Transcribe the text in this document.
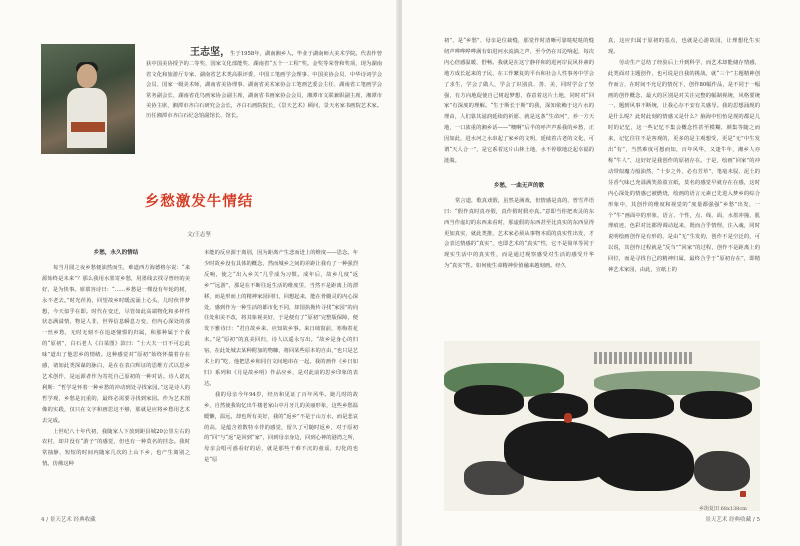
王志坚，生于1958年，湖南湘乡人。毕业于湖南师大美术学院。代表作曾获中国美协授予的二等奖、国家文化部能奖、湖南省“五个一工程”奖。金奖等荣誉和奖项，现为湖南省文化和旅游厅专家、湖南省艺术类高职评委、中国工笔画学会理事、中国美协会员、中华诗词学会会员、国家一级美术师，湖南省美协理事、湖南省美术家协会工笔画艺委会主任、湖南省工笔画学会常务副会长、湖南省花鸟画家协会副主席，湖南省书画家协会会员，湘潭市文联兼职副主席，湘潭市美协主席，湘潭市齐白石研究会会长，齐白石画院院长，《景天艺术》顾问，景天名家书画院艺术家。历任湘潭市齐白石纪念馆副馆长、馆长。
乡愁激发牛情结
文/王志坚
乡愁，永久的情结

每当月圆之夜乡愁便油然而生，难道西方海德格尔说：“来源始终是未来”？那么我用水墨寄乡愁，用墨线去找寻曾经的美好，是为快事。席慕容诗曰：“……乡愁是一棵没有年轮的树，永不老去。”时光荏苒，回望故乡时暖流涌上心头，儿时伙伴梦想，今天似乎在即。时代在变迁，尽管如此高端物化和多样性状态满溢情，物是人非，世界信息瞬息万变，但内心深处的那一丝乡愁，无时无刻不在追逐憧憬的归属，和那种属于个我的“原初”，白石老人《白菜图》款曰：“士大夫一日不可忘此味”道出了他思乡的情绪。这种感觉对“原初”始终怀揣着存在感，诸如此类深谋的脉白，是在在表白辉证的思维方式以思乡艺术创作，是运源者作为寄托自己原初的一种对话。诗人诺瓦利斯：“哲学是怀着一种乡愁的冲动到处寻找家园。”这是诗人的哲学观，乡愁是沉重的，最终必需要寻找到家园。作为艺术图像的实践，仅只在文字和画思这不够，那就是应将乡愁用艺术去完成。

上世纪八十年代初，我随家人下放到距县城20公里左右的农村，却并没有“游子”的感觉，但也有一种莫名的挂念。我时常抽静，短短的时间内随家几次的上山下乡，也产生离别之情。仿佛这种

本能的反应源于离别，因为距离产生悲而迸上的维度——思念。年少时故乡没有具体的概念，然而城乡之间的差距让我有了一种强烈反响，使之“出入乡关”几乎成为习惯。成年后，故乡几度“返乡”“远游”，那是在不断往返生活的维度里，当然不是距离上的漂移，而是形而上的精神家园回归，回想起来，能在骨髓灵的内心深处，感到作为一种生活的都市化不同，却国执拗传寻找“家园”的向往处和美不改，将其象视美好，于是便有了“原初”完整版保障，便发下雅诗曰：“君自故乡来，应知故乡事。来日绮窗前，寒梅着花未。”是“原初”的真美回归，诗人以遥永写出。“故乡是身心的归宿，在此处城去某种附加的物糠，将回某些原本的自由，”也只是艺术上的“吃、他把思乡和同自文间地串在一起。我的画作《乡日如归》系列和《月是故乡明》作品应乡，是对此前的思乡印象的表达。

我的母亲今年94岁，经历和见证了百年风华。她几时的故乡，自然使我钩忆出牛楼老家山中月牙儿的美丽形象，这些乡愁温暖懒，温远，却也所有美好，我的“返乡”不是于山万水，而是悲哀的高，是蕴含着数特幸伴的感觉，留久了可随时返乡，对于原初的“回”与“返”是回到“家”，回到母亲身边，回到心神的港湾之所，母亲会唱可惑看好的话，就是那些千难不沉的童谣，幻化的也是“原

4 / 景天艺术 经典收藏

初”、是“乡愁”、母亲是位裁缝，那觉作时清晰可靠哒哒哒的缝纫声哗哗哗哗满有如进河水流淌之声，至今仍在耳边响起，每次内心倍感温暖、舒畅。我就是在这宁静祥和的进河岸民风朴素的地方成长起来的子民，在工作繁复的平台和社会人性事务中学会了求生，学会了做人，学会了识别真、善、美，同时学会了坚强，有方向地促使自己树起梦想，春意着这片土地，同时对“回家”有深度的理解。“生于斯长于斯”的我，深知依赖于这片水的理由，人们靠其滋润延续的祈愿、就是这条“生命河”，养一方天地，一口浓重的湘乡话——“噢啊”后半的呼声声系我的乡愁，正因如此，进水河之水串起了家乡的文明，延续着古老的文化，可谓“天人合一”，是它系着这片山林土地，水不停歇地泛起幸福的涟漪。

乡愁，一曲无声的歌

常言道，歌真戏假，虽然是满戏，但情感是真的，曾雪芹语曰：“假作真时真亦假，真作假时假亦真。”意即当你把欢灵的东西当作虚幻的东西来看时，那虚假的东西甚至比真实的东西显得更加真实，就此类推，艺术家必须从事物本质的真实性出发，才会表达情感的“真实”，也即艺术的“真实”性，它不是简单等同于现实生活中的真实性，而是通过观察感受对生活的感受升华为“真实”性。如何使生命精神价值融来越刻画。经久

真，这应归属于原初的基点，也就是心游故园，让理想化生实现。

劳动生产总结了经验后上升到科学，而艺术却能储存情感，此类面对主题创作，也可说是自我的挑战，就“三个”主题精神创作而言，在时间不允足的情况下，创作80幅作品，是不同于一幅画的创作概念，最大的区别是对关注完整的幅制视统，风格要统一，题到风事不断统，让我心存不安有关感导。我的思想涌现的是什么呢？此时此刻的情感又是什么？脑海中怕怡是现的都是儿时的记忆，这一些记忆不集会概念性甚至模糊，颜集等随之而来，记忆往往不是客观的，更多的是主观想受，更是“无”中生发出“有”，当然难度可想而知，百年风华，又逢牛年，湘乡人亦称“牛人”，这好好是我创作的原初存在。于是，绘画“回家”的冲动带似魔力般油然，“十步之外，必有芳草”，笔毫未驭，泥土的芬香气味已充溢满笑盈盈宣纸，莫名的感觉早就存在在感，这时内心深处的情感已被燃烧，绘画的语言元素已先进入梦乡的综合形象中，其创作的维度和视觉的“度量都强强“乡愁”出发，一个“牛”画面中的形象，语言、个性，点、线、面，水墨冲撞、肌理痕迹、色彩对比都得调动起来，既而合乎情理，注入魂，同时说明绘画创作是有形的，是由“无”生发的，创作不是空泛的，可以说，其创作过程就是“反刍”“回家”的过程，创作不是距离上的回位，而是寻找自己的精神归属，最终合乎于“原初存在”，即精神艺术家园，由此，宣纸上的

乡街复田 68x138cm
景天艺术 经典收藏 / 5
